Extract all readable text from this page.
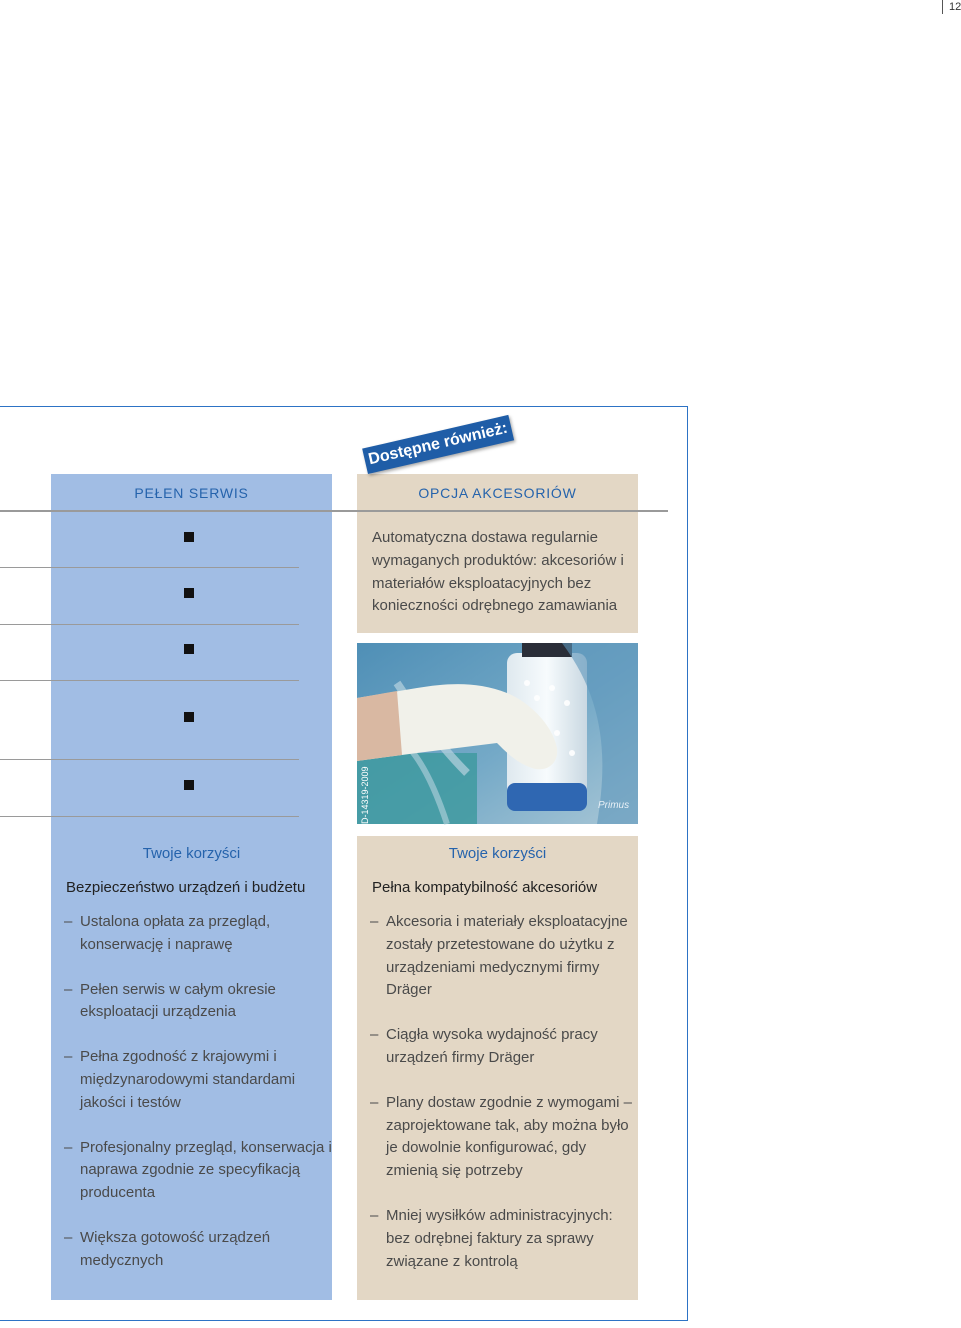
12
Dostępne również:
PEŁEN SERWIS	OPCJA AKCESORIÓW
Automatyczna dostawa regularnie wymaganych produktów: akcesoriów i materiałów eksploatacyjnych bez konieczności odrębnego zamawiania
D-14319-2009	Primus
Twoje korzyści
Bezpieczeństwo urządzeń i budżetu
– Ustalona opłata za przegląd, konserwację i naprawę
– Pełen serwis w całym okresie eksploatacji urządzenia
– Pełna zgodność z krajowymi i międzynarodowymi standardami jakości i testów
– Profesjonalny przegląd, konserwacja i naprawa zgodnie ze specyfikacją producenta
– Większa gotowość urządzeń medycznych
Twoje korzyści
Pełna kompatybilność akcesoriów
– Akcesoria i materiały eksploatacyjne zostały przetestowane do użytku z urządzeniami medycznymi firmy Dräger
– Ciągła wysoka wydajność pracy urządzeń firmy Dräger
– Plany dostaw zgodnie z wymogami – zaprojektowane tak, aby można było je dowolnie konfigurować, gdy zmienią się potrzeby
– Mniej wysiłków administracyjnych: bez odrębnej faktury za sprawy związane z kontrolą
